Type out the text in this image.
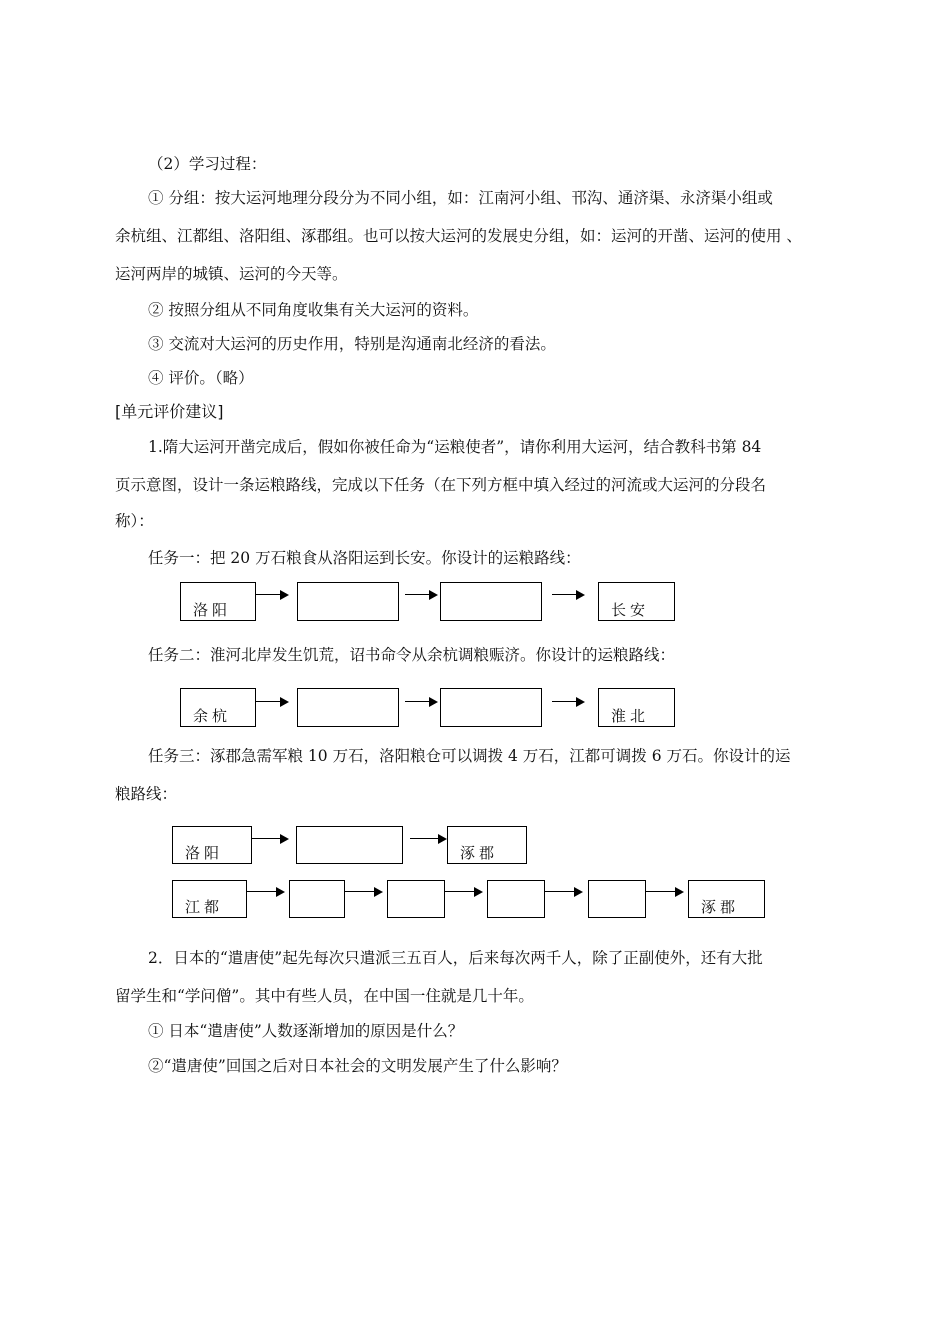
（2）学习过程：
① 分组：按大运河地理分段分为不同小组，如：江南河小组、邗沟、通济渠、永济渠小组或
余杭组、江都组、洛阳组、涿郡组。也可以按大运河的发展史分组，如：运河的开凿、运河的使用 、
运河两岸的城镇、运河的今天等。
② 按照分组从不同角度收集有关大运河的资料。
③ 交流对大运河的历史作用，特别是沟通南北经济的看法。
④ 评价。（略）
[单元评价建议]
1.隋大运河开凿完成后，假如你被任命为“运粮使者”，请你利用大运河，结合教科书第 84
页示意图，设计一条运粮路线，完成以下任务（在下列方框中填入经过的河流或大运河的分段名
称）：
任务一：把 20 万石粮食从洛阳运到长安。你设计的运粮路线：
洛阳	长安
任务二：淮河北岸发生饥荒，诏书命令从余杭调粮赈济。你设计的运粮路线：
余杭	淮北
任务三：涿郡急需军粮 10 万石，洛阳粮仓可以调拨 4 万石，江都可调拨 6 万石。你设计的运
粮路线：
洛阳	涿郡
江都	涿郡
2．日本的“遣唐使”起先每次只遣派三五百人，后来每次两千人，除了正副使外，还有大批
留学生和“学问僧”。其中有些人员，在中国一住就是几十年。
① 日本“遣唐使”人数逐渐增加的原因是什么？
②“遣唐使”回国之后对日本社会的文明发展产生了什么影响？
